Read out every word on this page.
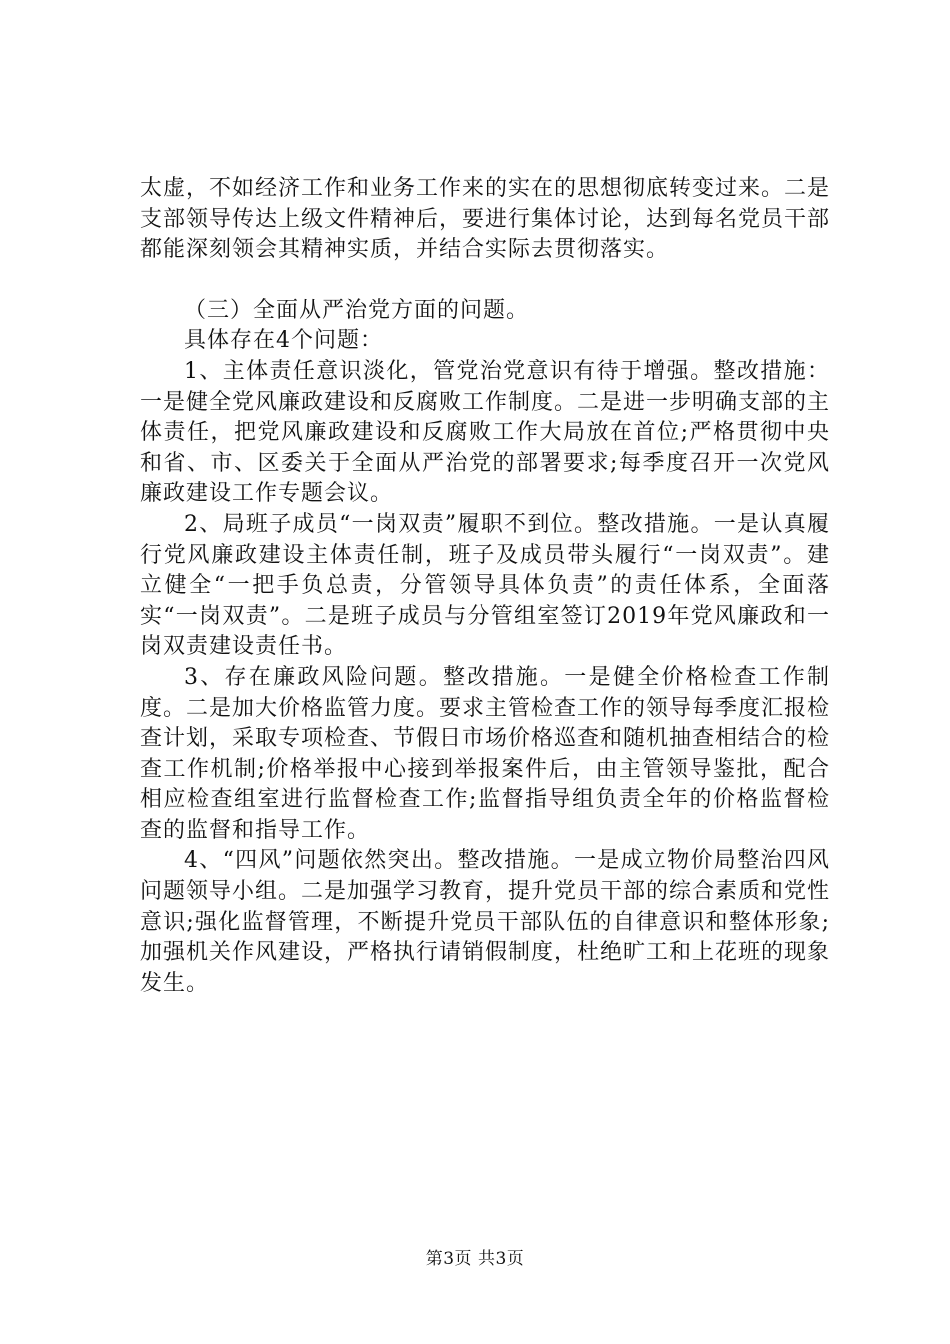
太虚，不如经济工作和业务工作来的实在的思想彻底转变过来。二是支部领导传达上级文件精神后，要进行集体讨论，达到每名党员干部都能深刻领会其精神实质，并结合实际去贯彻落实。

（三）全面从严治党方面的问题。

具体存在4个问题：

1、主体责任意识淡化，管党治党意识有待于增强。整改措施：一是健全党风廉政建设和反腐败工作制度。二是进一步明确支部的主体责任，把党风廉政建设和反腐败工作大局放在首位;严格贯彻中央和省、市、区委关于全面从严治党的部署要求;每季度召开一次党风廉政建设工作专题会议。

2、局班子成员“一岗双责”履职不到位。整改措施。一是认真履行党风廉政建设主体责任制，班子及成员带头履行“一岗双责”。建立健全“一把手负总责，分管领导具体负责”的责任体系，全面落实“一岗双责”。二是班子成员与分管组室签订2019年党风廉政和一岗双责建设责任书。

3、存在廉政风险问题。整改措施。一是健全价格检查工作制度。二是加大价格监管力度。要求主管检查工作的领导每季度汇报检查计划，采取专项检查、节假日市场价格巡查和随机抽查相结合的检查工作机制;价格举报中心接到举报案件后，由主管领导鉴批，配合相应检查组室进行监督检查工作;监督指导组负责全年的价格监督检查的监督和指导工作。

4、“四风”问题依然突出。整改措施。一是成立物价局整治四风问题领导小组。二是加强学习教育，提升党员干部的综合素质和党性意识;强化监督管理，不断提升党员干部队伍的自律意识和整体形象;加强机关作风建设，严格执行请销假制度，杜绝旷工和上花班的现象发生。

第3页 共3页
